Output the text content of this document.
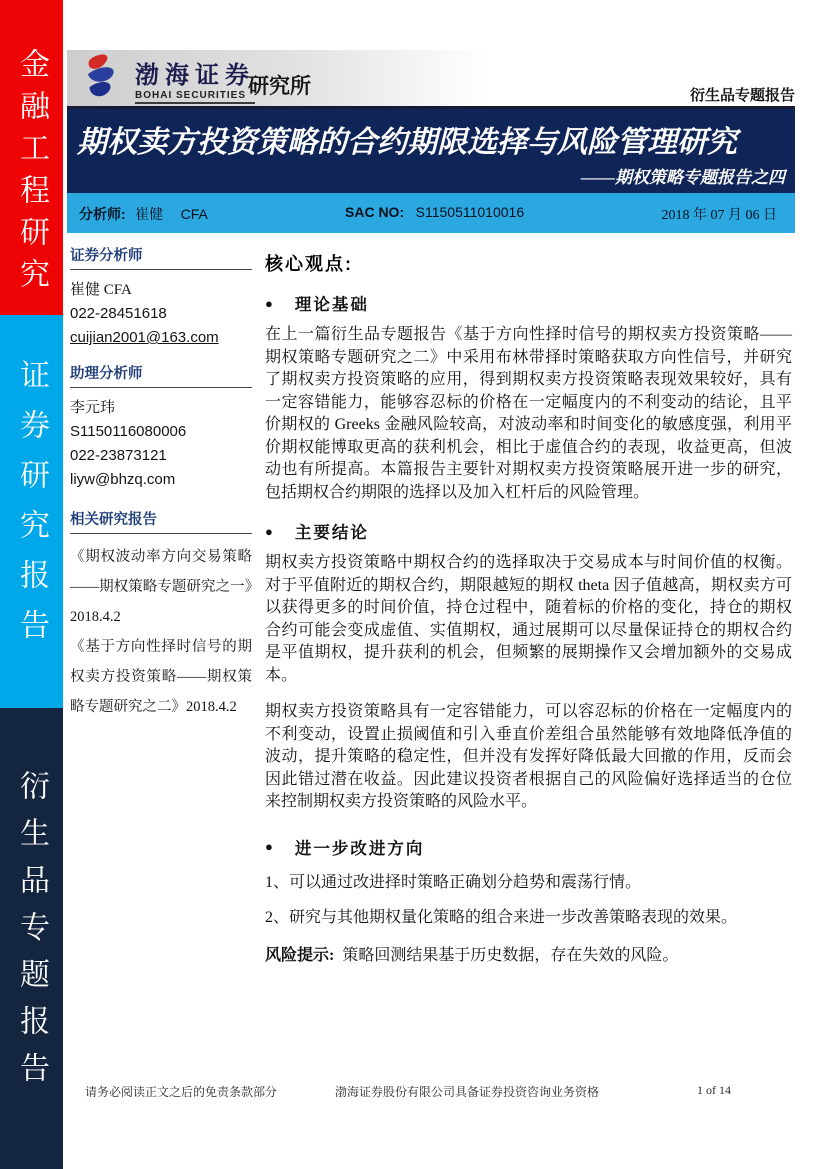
金融工程研究
证券研究报告
衍生品专题报告
渤海证券
BOHAI SECURITIES 研究所	衍生品专题报告
期权卖方投资策略的合约期限选择与风险管理研究
——期权策略专题报告之四
分析师: 崔健 CFA	SAC NO: S1150511010016	2018 年 07 月 06 日
证券分析师
崔健 CFA
022-28451618
cuijian2001@163.com
助理分析师
李元玮
S1150116080006
022-23873121
liyw@bhzq.com
相关研究报告
《期权波动率方向交易策略——期权策略专题研究之一》2018.4.2
《基于方向性择时信号的期权卖方投资策略——期权策略专题研究之二》2018.4.2
核心观点:
● 理论基础
在上一篇衍生品专题报告《基于方向性择时信号的期权卖方投资策略——期权策略专题研究之二》中采用布林带择时策略获取方向性信号，并研究了期权卖方投资策略的应用，得到期权卖方投资策略表现效果较好，具有一定容错能力，能够容忍标的价格在一定幅度内的不利变动的结论，且平价期权的 Greeks 金融风险较高，对波动率和时间变化的敏感度强，利用平价期权能博取更高的获利机会，相比于虚值合约的表现，收益更高，但波动也有所提高。本篇报告主要针对期权卖方投资策略展开进一步的研究，包括期权合约期限的选择以及加入杠杆后的风险管理。
● 主要结论
期权卖方投资策略中期权合约的选择取决于交易成本与时间价值的权衡。对于平值附近的期权合约，期限越短的期权 theta 因子值越高，期权卖方可以获得更多的时间价值，持仓过程中，随着标的价格的变化，持仓的期权合约可能会变成虚值、实值期权，通过展期可以尽量保证持仓的期权合约是平值期权，提升获利的机会，但频繁的展期操作又会增加额外的交易成本。
期权卖方投资策略具有一定容错能力，可以容忍标的价格在一定幅度内的不利变动，设置止损阈值和引入垂直价差组合虽然能够有效地降低净值的波动，提升策略的稳定性，但并没有发挥好降低最大回撤的作用，反而会因此错过潜在收益。因此建议投资者根据自己的风险偏好选择适当的仓位来控制期权卖方投资策略的风险水平。
● 进一步改进方向
1、可以通过改进择时策略正确划分趋势和震荡行情。
2、研究与其他期权量化策略的组合来进一步改善策略表现的效果。
风险提示: 策略回测结果基于历史数据，存在失效的风险。
请务必阅读正文之后的免责条款部分	渤海证券股份有限公司具备证券投资咨询业务资格	1 of 14
